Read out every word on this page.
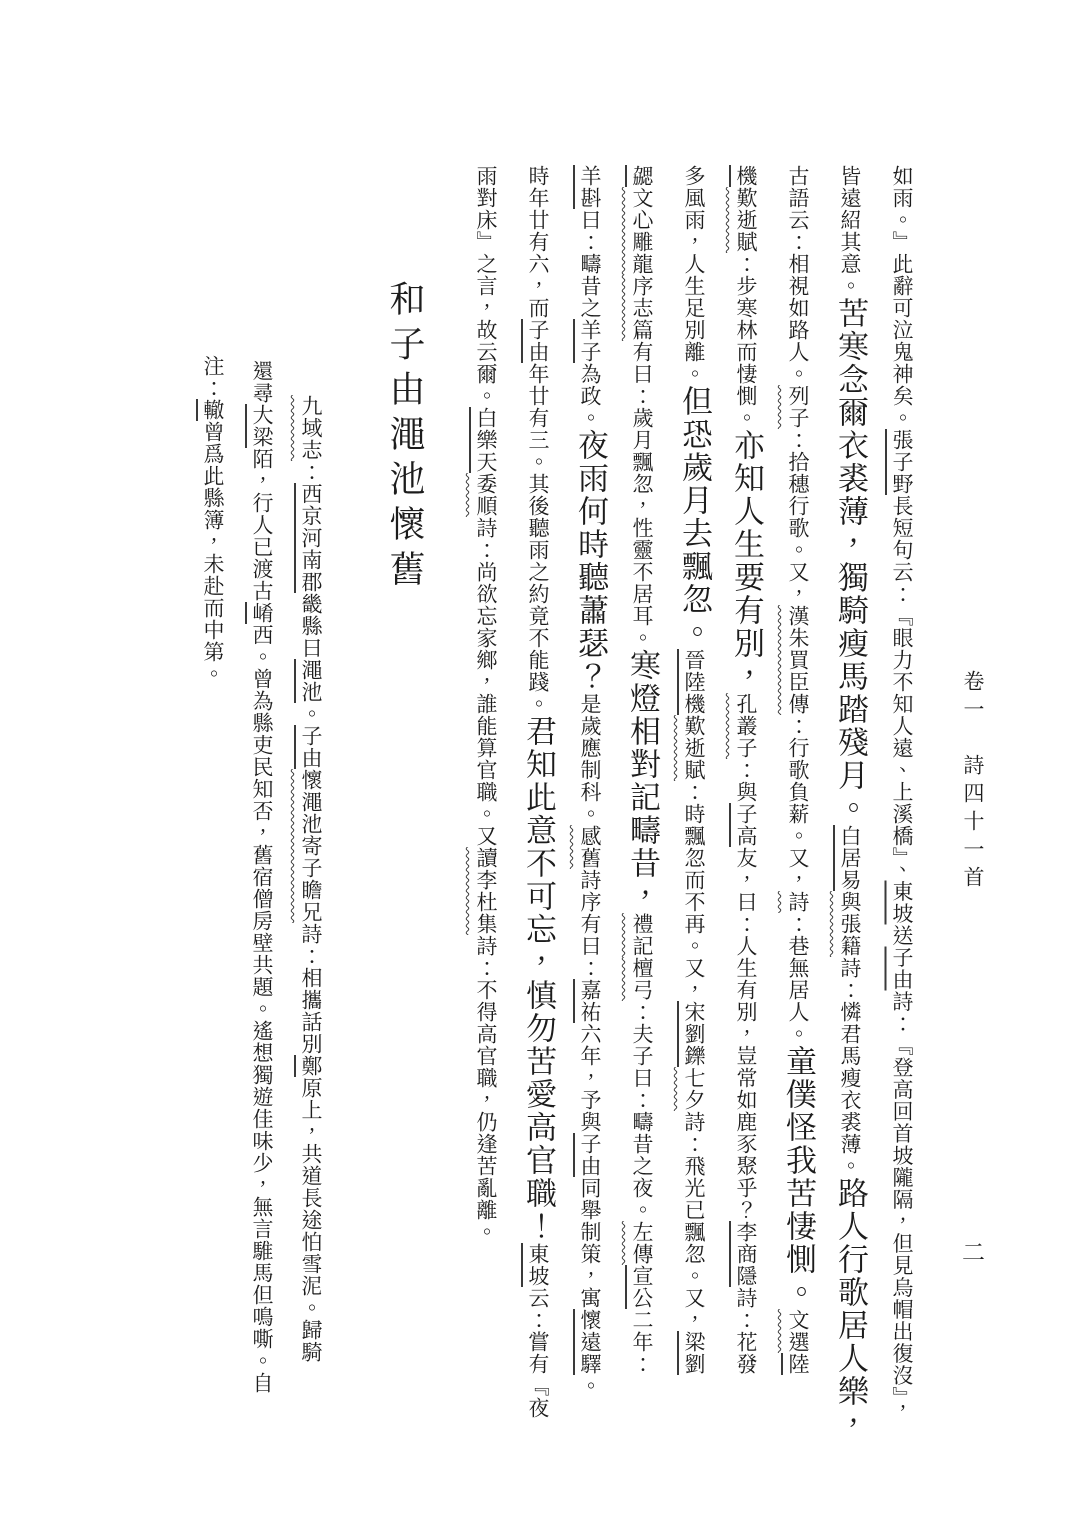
卷一　詩四十一首
二
如雨。』此辭可泣鬼神矣。張子野長短句云：『眼力不知人遠、上溪橋』、東坡送子由詩：『登高回首坡隴隔，但見烏帽出復沒』，
皆遠紹其意。苦寒念爾衣裘薄，獨騎瘦馬踏殘月。白居易與張籍詩：憐君馬瘦衣裘薄。路人行歌居人樂，
古語云：相視如路人。列子：拾穗行歌。又，漢朱買臣傳：行歌負薪。又，詩：巷無居人。童僕怪我苦悽惻。文選陸
機歎逝賦：步寒林而悽惻。亦知人生要有別，孔叢子：與子高友，曰：人生有別，豈常如鹿豕聚乎？李商隱詩：花發
多風雨，人生足別離。但恐歲月去飄忽。晉陸機歎逝賦：時飄忽而不再。又，宋劉鑠七夕詩：飛光已飄忽。又，梁劉
勰文心雕龍序志篇有曰：歲月飄忽，性靈不居耳。寒燈相對記疇昔，禮記檀弓：夫子曰：疇昔之夜。左傳宣公二年：
羊斟曰：疇昔之羊子為政。夜雨何時聽蕭瑟？是歲應制科。感舊詩序有曰：嘉祐六年，予與子由同舉制策，寓懷遠驛。
時年廿有六，而子由年廿有三。其後聽雨之約竟不能踐。君知此意不可忘，慎勿苦愛高官職！東坡云：嘗有『夜
雨對床』之言，故云爾。白樂天委順詩：尚欲忘家鄉，誰能算官職。又讀李杜集詩：不得高官職，仍逢苦亂離。
和子由澠池懷舊
九域志：西京河南郡畿縣曰澠池。子由懷澠池寄子瞻兄詩：相攜話別鄭原上，共道長途怕雪泥。歸騎
還尋大梁陌，行人已渡古崤西。曾為縣吏民知否，舊宿僧房壁共題。遙想獨遊佳味少，無言騅馬但鳴嘶。自
注：轍曾爲此縣簿，未赴而中第。
